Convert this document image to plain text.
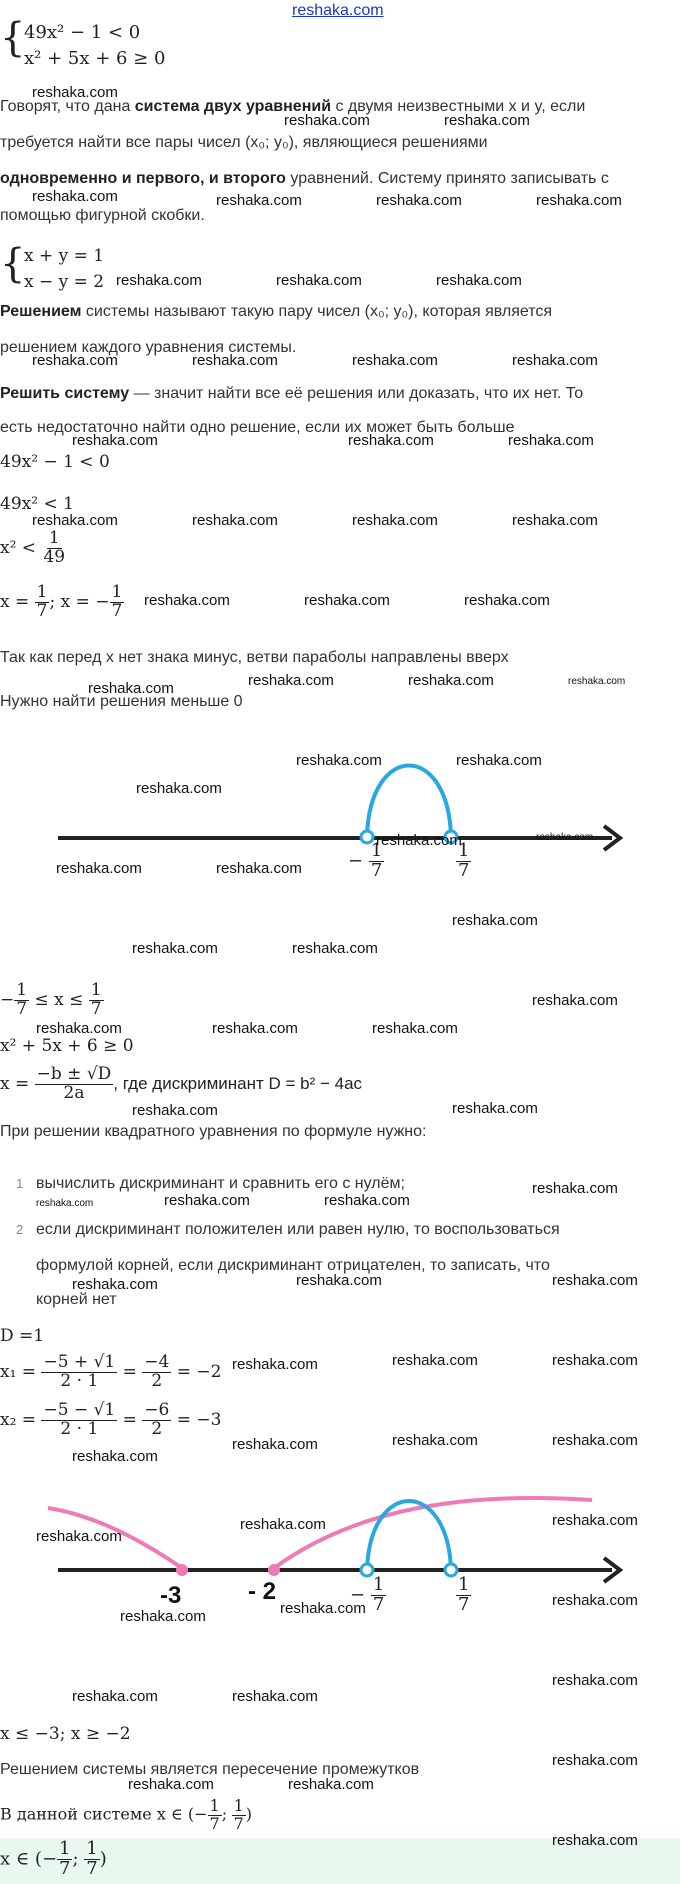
reshaka.com
{
49x² − 1 < 0
x² + 5x + 6 ≥ 0
Говорят, что дана система двух уравнений с двумя неизвестными x и y, если
требуется найти все пары чисел (x₀; y₀), являющиеся решениями
одновременно и первого, и второго уравнений. Систему принято записывать с
помощью фигурной скобки.
{
x + y = 1
x − y = 2
Решением системы называют такую пару чисел (x₀; y₀), которая является
решением каждого уравнения системы.
Решить систему — значит найти все её решения или доказать, что их нет. То
есть недостаточно найти одно решение, если их может быть больше
49x² − 1 < 0
49x² < 1
$x^2 < \frac{1}{49}$
$x = \frac{1}{7}$ ; x = − $\frac{1}{7}$
Так как перед x нет знака минус, ветви параболы направлены вверх
Нужно найти решения меньше 0
− $\frac{1}{7}$	$\frac{1}{7}$
− $\frac{1}{7} \le x \le \frac{1}{7}$
x² + 5x + 6 ≥ 0
$x = \frac{-b \pm √D}{2a}$ , где дискриминант D = b² − 4ac
При решении квадратного уравнения по формуле нужно:
1 вычислить дискриминант и сравнить его с нулём;
2 если дискриминант положителен или равен нулю, то воспользоваться
формулой корней, если дискриминант отрицателен, то записать, что
корней нет
D =1
$x_1 = \frac{-5 + √1}{2 \cdot 1} = \frac{-4}{2} = -2$
$x_2 = \frac{-5 - √1}{2 \cdot 1} = \frac{-6}{2} = -3$
-3	- 2	− $\frac{1}{7}$	$\frac{1}{7}$
x ≤ −3; x ≥ −2
Решением системы является пересечение промежутков
В данной системе x ∈ (− $\frac{1}{7}$ ; $\frac{1}{7}$ )
x ∈ (− $\frac{1}{7}$ ; $\frac{1}{7}$ )
reshaka.com
reshaka.com	reshaka.com
reshaka.com	reshaka.com	reshaka.com	reshaka.com
reshaka.com	reshaka.com	reshaka.com
reshaka.com	reshaka.com	reshaka.com	reshaka.com
reshaka.com	reshaka.com	reshaka.com
reshaka.com	reshaka.com	reshaka.com	reshaka.com
reshaka.com	reshaka.com	reshaka.com
reshaka.com	reshaka.com	reshaka.com	reshaka.com
reshaka.com	reshaka.com
reshaka.com
reshaka.com	reshaka.com
reshaka.com	reshaka.com
reshaka.com
reshaka.com	reshaka.com
reshaka.com
reshaka.com	reshaka.com	reshaka.com
reshaka.com
reshaka.com
reshaka.com
reshaka.com	reshaka.com	reshaka.com
reshaka.com	reshaka.com	reshaka.com
reshaka.com	reshaka.com	reshaka.com
reshaka.com	reshaka.com	reshaka.com
reshaka.com
reshaka.com	reshaka.com
reshaka.com
reshaka.com	reshaka.com
reshaka.com
reshaka.com	reshaka.com
reshaka.com
reshaka.com
reshaka.com	reshaka.com
reshaka.com
